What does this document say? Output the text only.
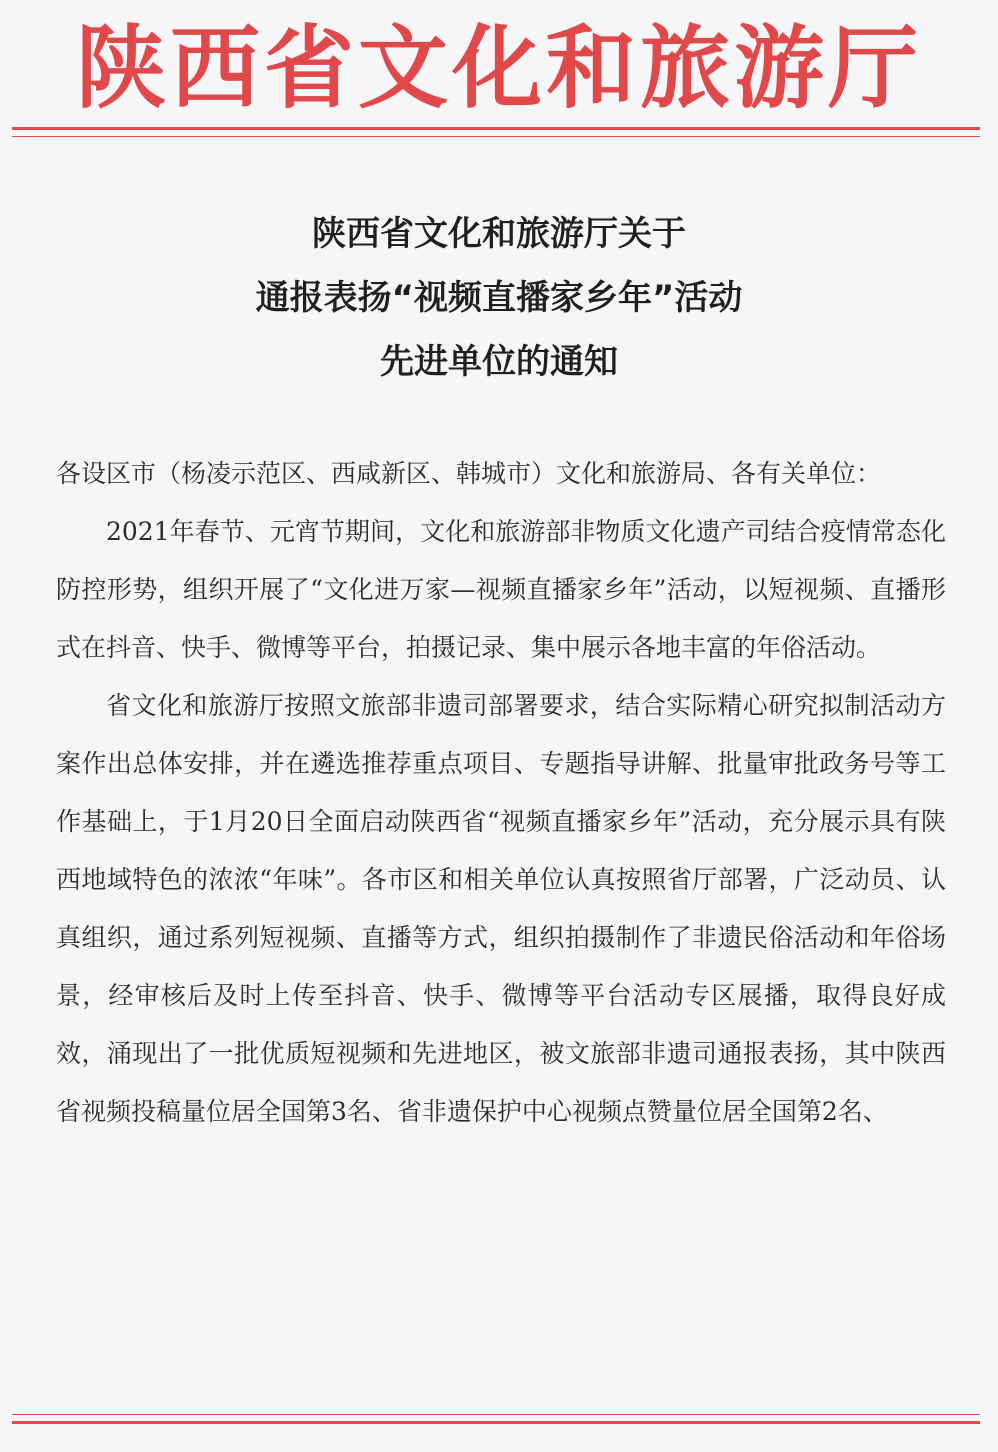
陕西省文化和旅游厅
陕西省文化和旅游厅关于
通报表扬“视频直播家乡年”活动
先进单位的通知

各设区市（杨凌示范区、西咸新区、韩城市）文化和旅游局、各有关单位：

2021年春节、元宵节期间，文化和旅游部非物质文化遗产司结合疫情常态化防控形势，组织开展了“文化进万家—视频直播家乡年”活动，以短视频、直播形式在抖音、快手、微博等平台，拍摄记录、集中展示各地丰富的年俗活动。

省文化和旅游厅按照文旅部非遗司部署要求，结合实际精心研究拟制活动方案作出总体安排，并在遴选推荐重点项目、专题指导讲解、批量审批政务号等工作基础上，于1月20日全面启动陕西省“视频直播家乡年”活动，充分展示具有陕西地域特色的浓浓“年味”。各市区和相关单位认真按照省厅部署，广泛动员、认真组织，通过系列短视频、直播等方式，组织拍摄制作了非遗民俗活动和年俗场景，经审核后及时上传至抖音、快手、微博等平台活动专区展播，取得良好成效，涌现出了一批优质短视频和先进地区，被文旅部非遗司通报表扬，其中陕西省视频投稿量位居全国第3名、省非遗保护中心视频点赞量位居全国第2名、
